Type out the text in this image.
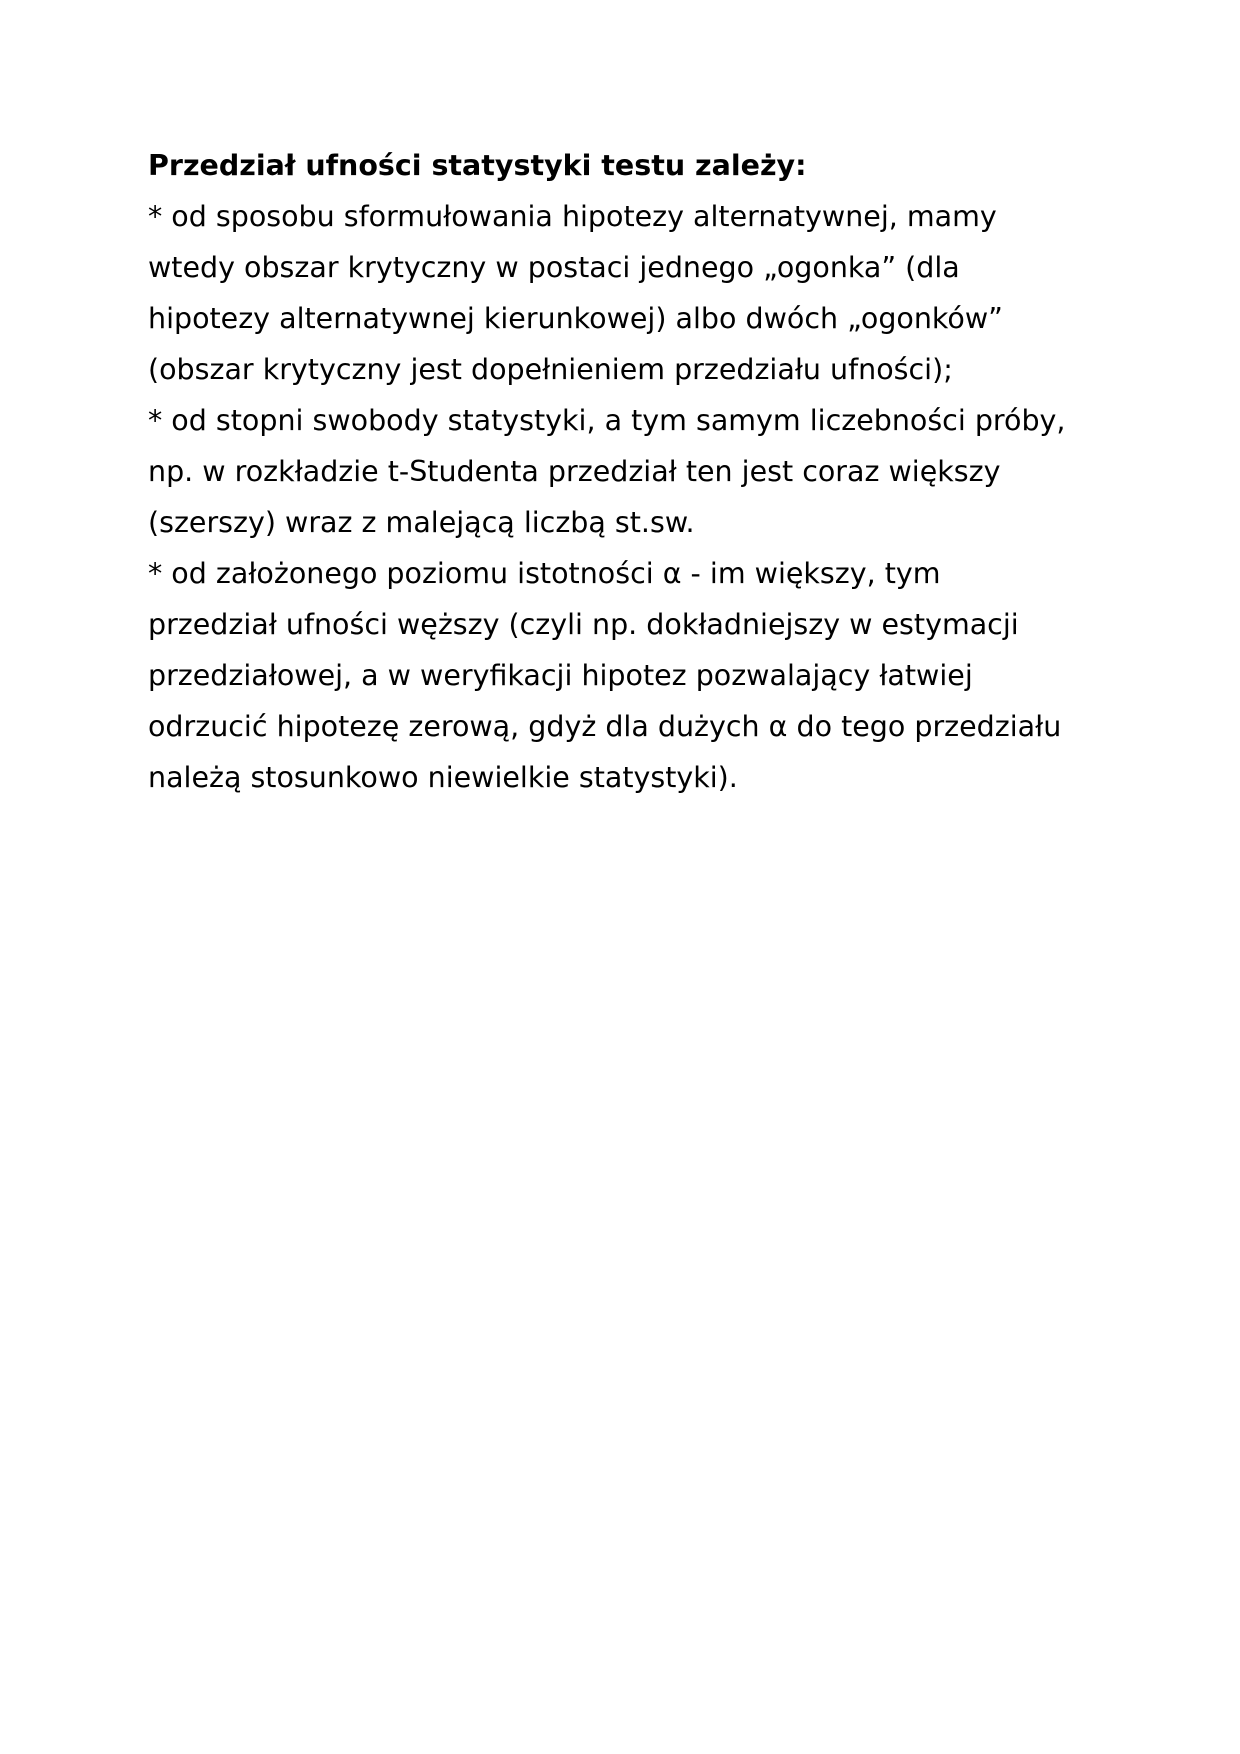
Przedział ufności statystyki testu zależy:
* od sposobu sformułowania hipotezy alternatywnej, mamy
wtedy obszar krytyczny w postaci jednego „ogonka” (dla
hipotezy alternatywnej kierunkowej) albo dwóch „ogonków”
(obszar krytyczny jest dopełnieniem przedziału ufności);
* od stopni swobody statystyki, a tym samym liczebności próby,
np. w rozkładzie t-Studenta przedział ten jest coraz większy
(szerszy) wraz z malejącą liczbą st.sw.
* od założonego poziomu istotności α - im większy, tym
przedział ufności węższy (czyli np. dokładniejszy w estymacji
przedziałowej, a w weryfikacji hipotez pozwalający łatwiej
odrzucić hipotezę zerową, gdyż dla dużych α do tego przedziału
należą stosunkowo niewielkie statystyki).
